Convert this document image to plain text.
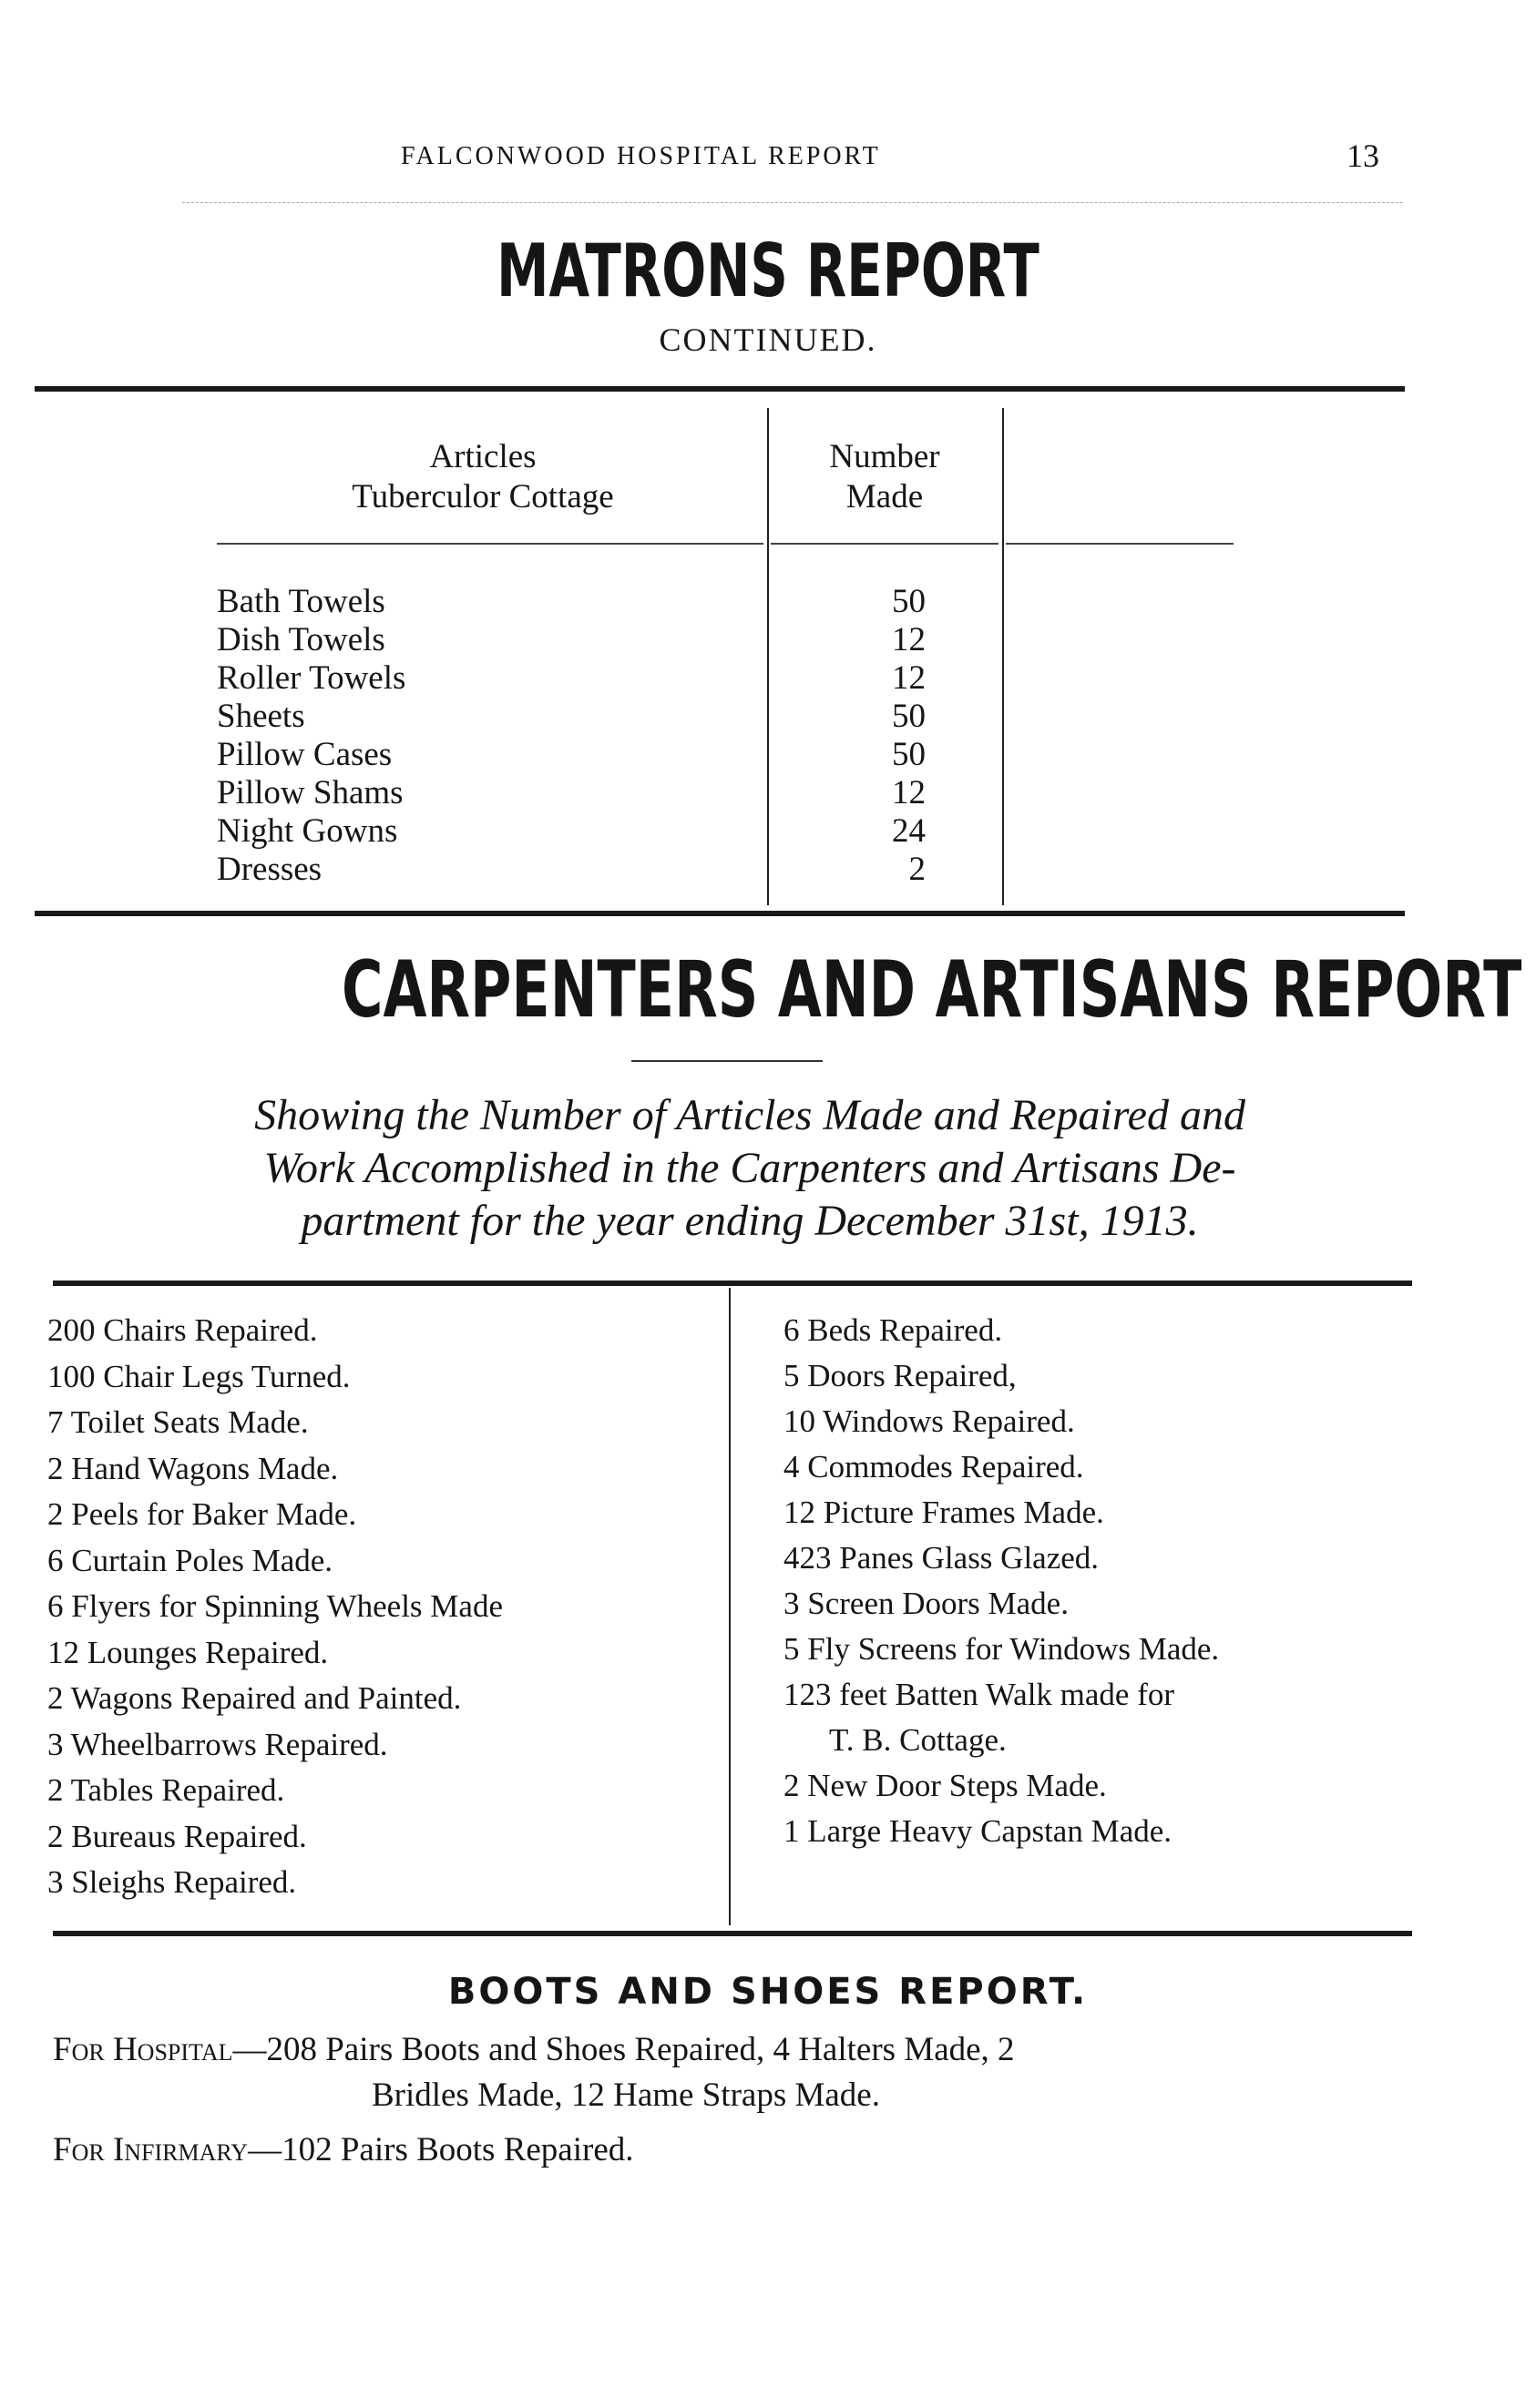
FALCONWOOD HOSPITAL REPORT	13
MATRONS REPORT
CONTINUED.
Articles
Tuberculor Cottage
Number
Made
Bath Towels
Dish Towels
Roller Towels
Sheets
Pillow Cases
Pillow Shams
Night Gowns
Dresses
50
12
12
50
50
12
24
2
CARPENTERS AND ARTISANS REPORT
Showing the Number of Articles Made and Repaired and
Work Accomplished in the Carpenters and Artisans De-
partment for the year ending December 31st, 1913.
200 Chairs Repaired.
100 Chair Legs Turned.
7 Toilet Seats Made.
2 Hand Wagons Made.
2 Peels for Baker Made.
6 Curtain Poles Made.
6 Flyers for Spinning Wheels Made
12 Lounges Repaired.
2 Wagons Repaired and Painted.
3 Wheelbarrows Repaired.
2 Tables Repaired.
2 Bureaus Repaired.
3 Sleighs Repaired.
6 Beds Repaired.
5 Doors Repaired,
10 Windows Repaired.
4 Commodes Repaired.
12 Picture Frames Made.
423 Panes Glass Glazed.
3 Screen Doors Made.
5 Fly Screens for Windows Made.
123 feet Batten Walk made for
T. B. Cottage.
2 New Door Steps Made.
1 Large Heavy Capstan Made.
BOOTS AND SHOES REPORT.
For Hospital—208 Pairs Boots and Shoes Repaired, 4 Halters Made, 2
Bridles Made, 12 Hame Straps Made.
For Infirmary—102 Pairs Boots Repaired.
